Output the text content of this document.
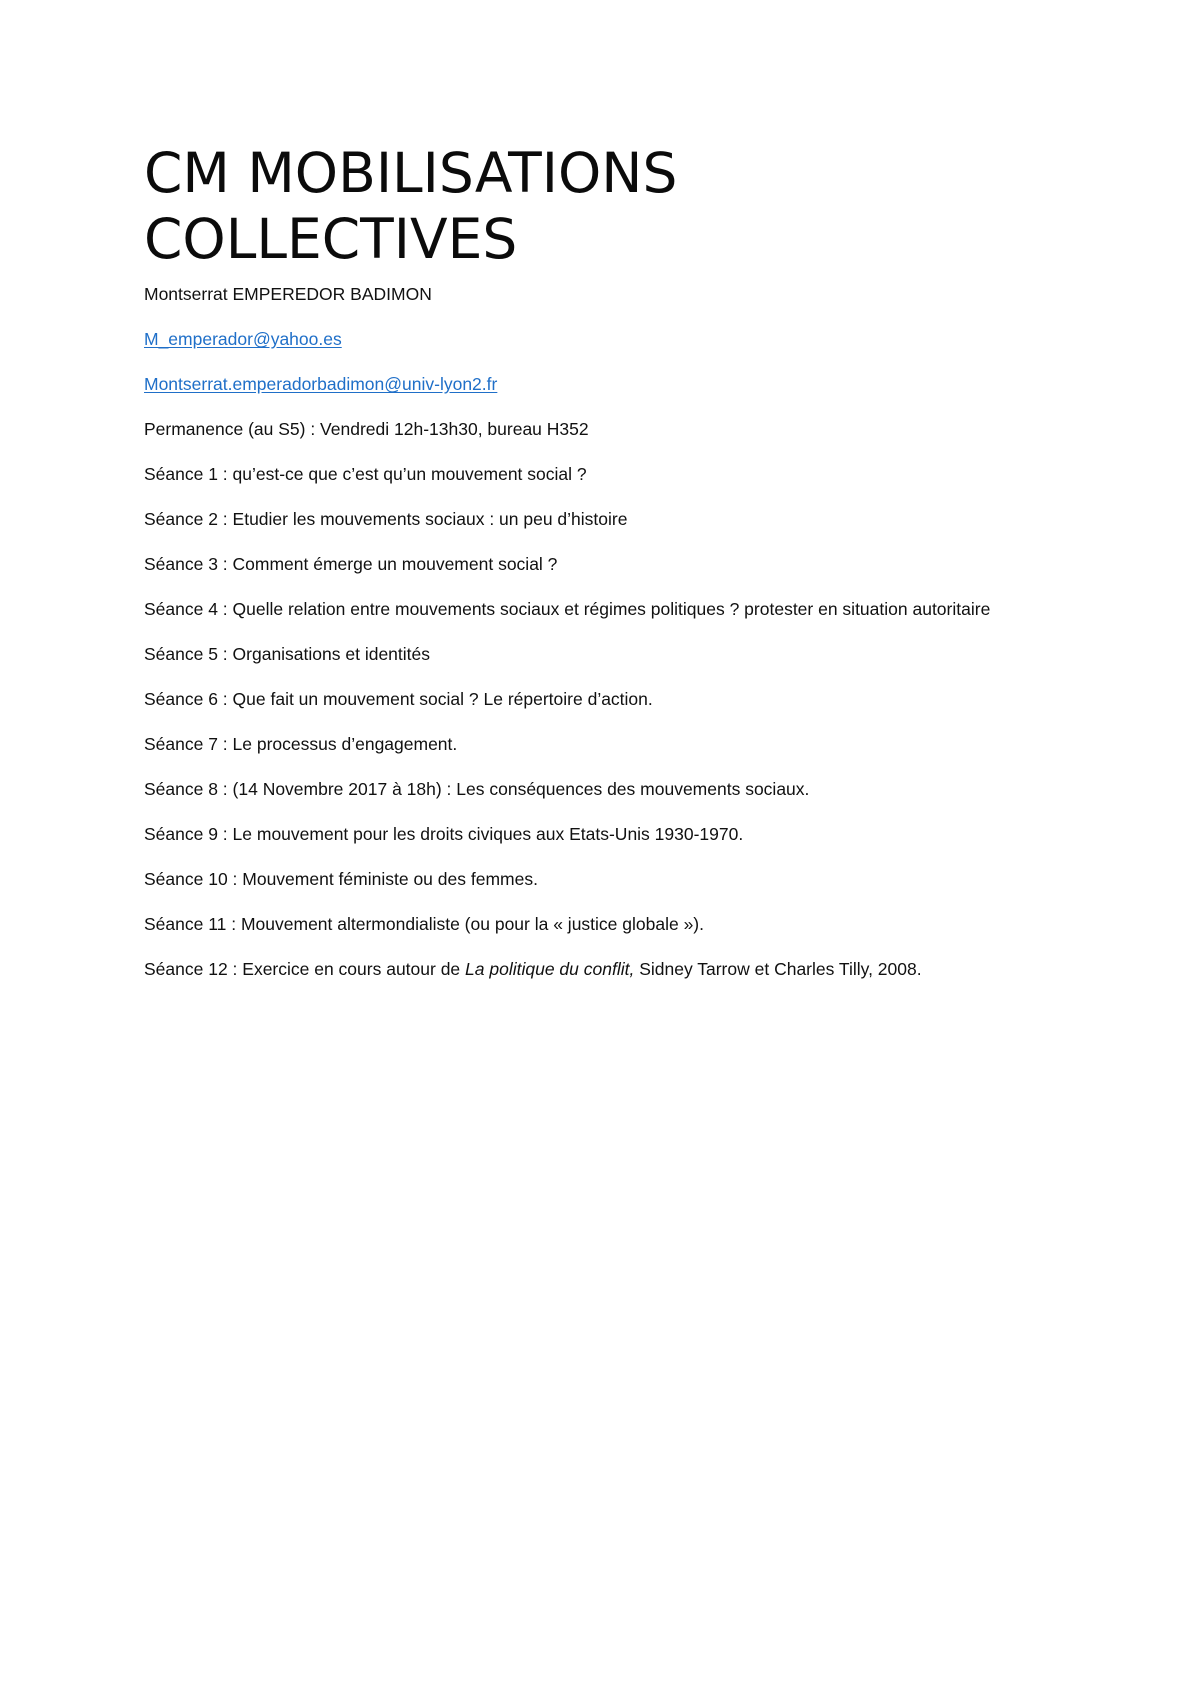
CM MOBILISATIONS
COLLECTIVES

Montserrat EMPEREDOR BADIMON

M_emperador@yahoo.es

Montserrat.emperadorbadimon@univ-lyon2.fr

Permanence (au S5) : Vendredi 12h-13h30, bureau H352

Séance 1 : qu’est-ce que c’est qu’un mouvement social ?

Séance 2 : Etudier les mouvements sociaux : un peu d’histoire

Séance 3 : Comment émerge un mouvement social ?

Séance 4 : Quelle relation entre mouvements sociaux et régimes politiques ? protester en situation autoritaire

Séance 5 : Organisations et identités

Séance 6 : Que fait un mouvement social ? Le répertoire d’action.

Séance 7 : Le processus d’engagement.

Séance 8 : (14 Novembre 2017 à 18h) : Les conséquences des mouvements sociaux.

Séance 9 : Le mouvement pour les droits civiques aux Etats-Unis 1930-1970.

Séance 10 : Mouvement féministe ou des femmes.

Séance 11 : Mouvement altermondialiste (ou pour la « justice globale »).

Séance 12 : Exercice en cours autour de La politique du conflit, Sidney Tarrow et Charles Tilly, 2008.
